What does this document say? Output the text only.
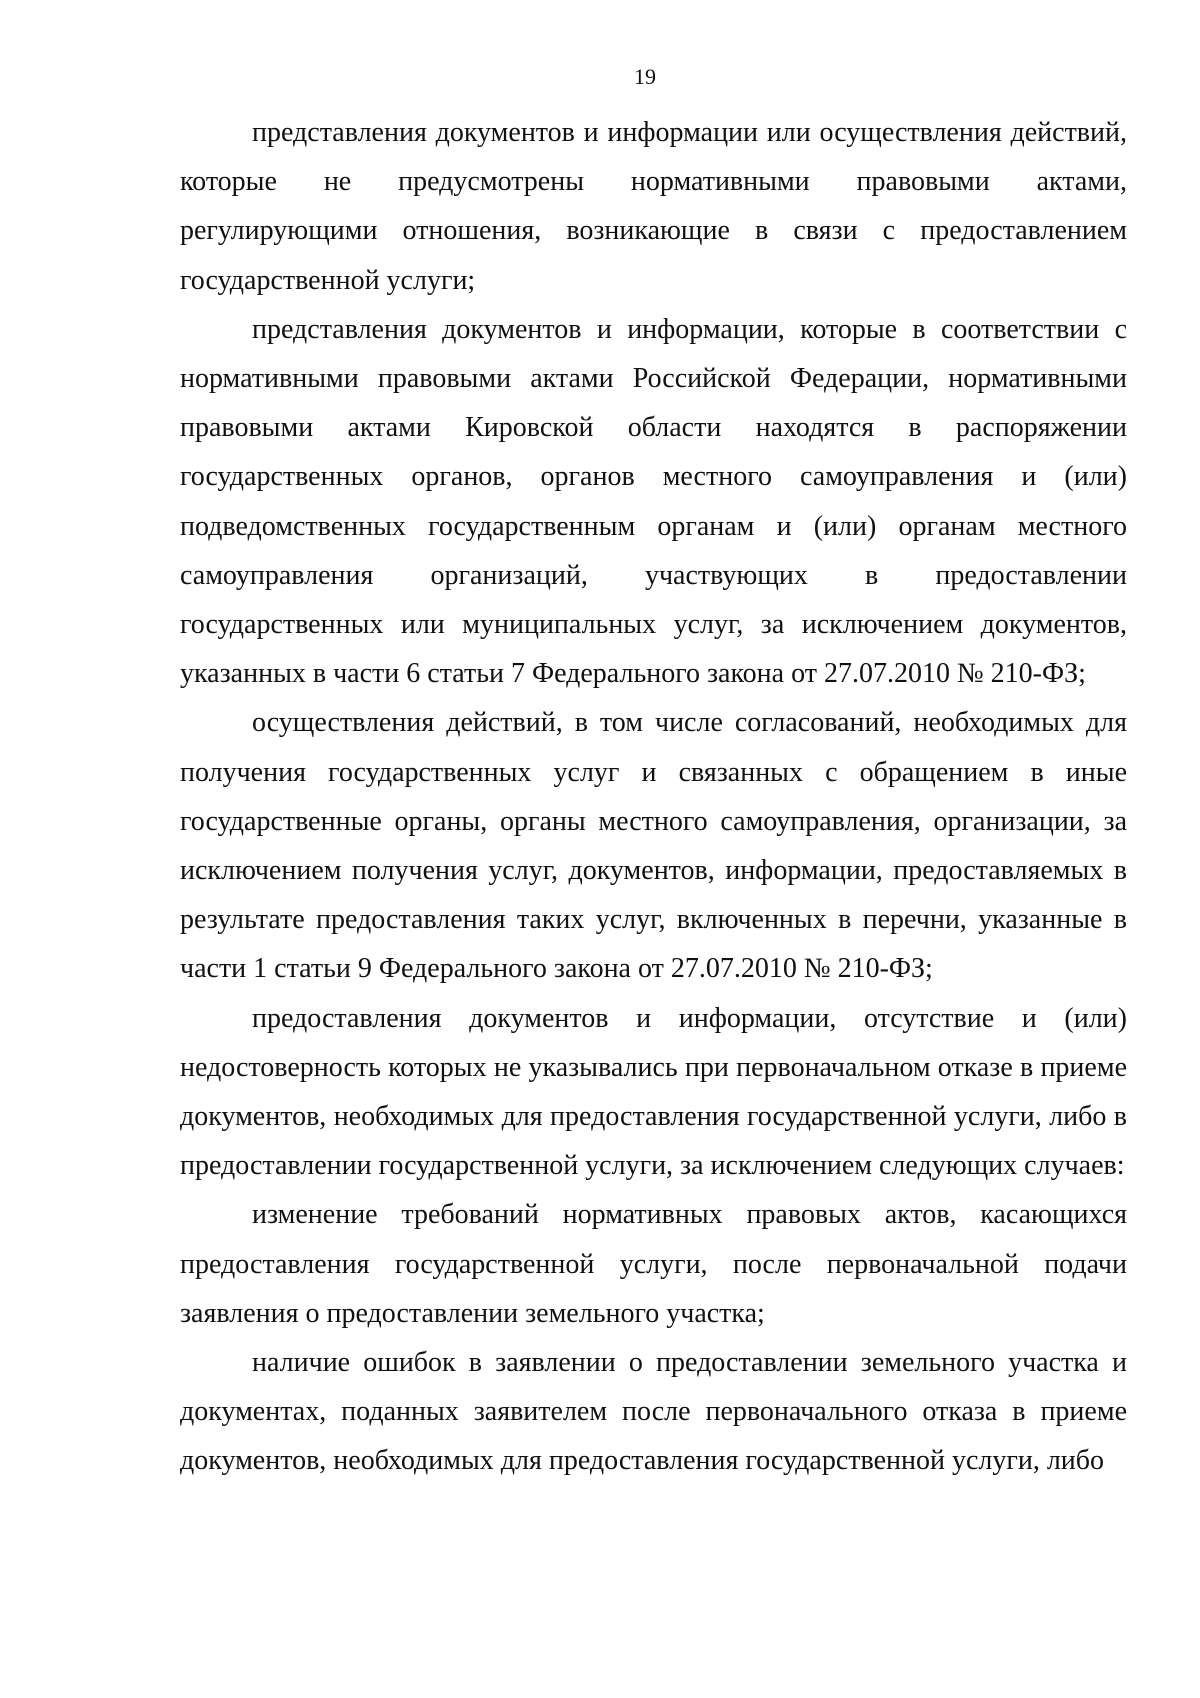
19

представления документов и информации или осуществления действий, которые не предусмотрены нормативными правовыми актами, регулирующими отношения, возникающие в связи с предоставлением государственной услуги;

представления документов и информации, которые в соответствии с нормативными правовыми актами Российской Федерации, нормативными правовыми актами Кировской области находятся в распоряжении государственных органов, органов местного самоуправления и (или) подведомственных государственным органам и (или) органам местного самоуправления организаций, участвующих в предоставлении государственных или муниципальных услуг, за исключением документов, указанных в части 6 статьи 7 Федерального закона от 27.07.2010 № 210-ФЗ;

осуществления действий, в том числе согласований, необходимых для получения государственных услуг и связанных с обращением в иные государственные органы, органы местного самоуправления, организации, за исключением получения услуг, документов, информации, предоставляемых в результате предоставления таких услуг, включенных в перечни, указанные в части 1 статьи 9 Федерального закона от 27.07.2010 № 210-ФЗ;

предоставления документов и информации, отсутствие и (или) недостоверность которых не указывались при первоначальном отказе в приеме документов, необходимых для предоставления государственной услуги, либо в предоставлении государственной услуги, за исключением следующих случаев:

изменение требований нормативных правовых актов, касающихся предоставления государственной услуги, после первоначальной подачи заявления о предоставлении земельного участка;

наличие ошибок в заявлении о предоставлении земельного участка и документах, поданных заявителем после первоначального отказа в приеме документов, необходимых для предоставления государственной услуги, либо
